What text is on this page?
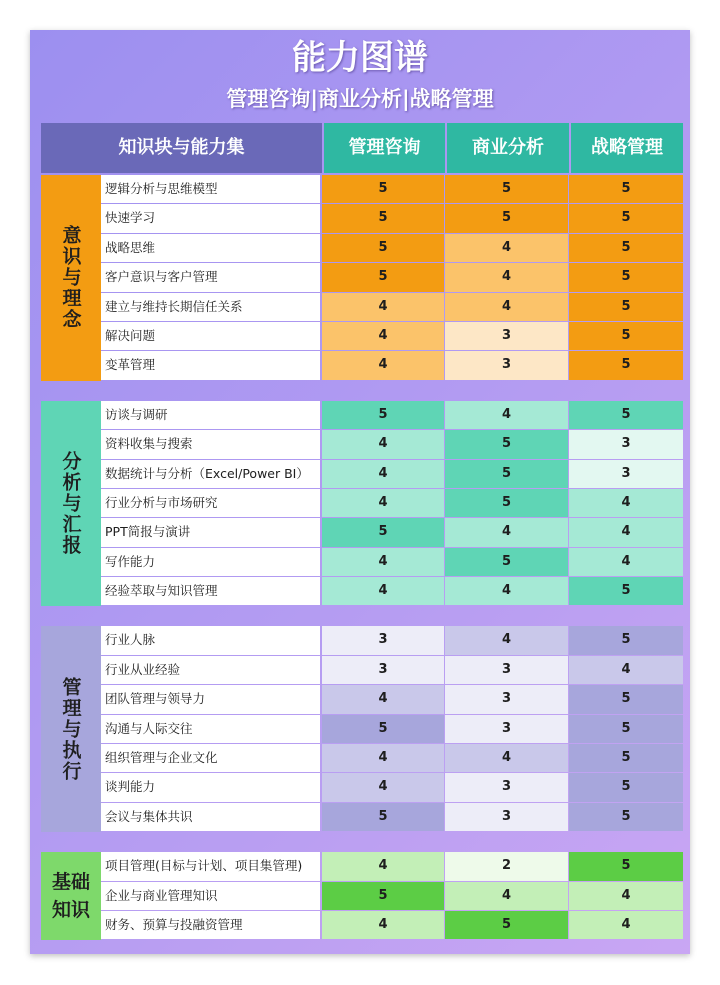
能力图谱
管理咨询|商业分析|战略管理
知识块与能力集	管理咨询	商业分析	战略管理
意识与理念
逻辑分析与思维模型	5	5	5
快速学习	5	5	5
战略思维	5	4	5
客户意识与客户管理	5	4	5
建立与维持长期信任关系	4	4	5
解决问题	4	3	5
变革管理	4	3	5
分析与汇报
访谈与调研	5	4	5
资料收集与搜索	4	5	3
数据统计与分析（Excel/Power BI）	4	5	3
行业分析与市场研究	4	5	4
PPT简报与演讲	5	4	4
写作能力	4	5	4
经验萃取与知识管理	4	4	5
管理与执行
行业人脉	3	4	5
行业从业经验	3	3	4
团队管理与领导力	4	3	5
沟通与人际交往	5	3	5
组织管理与企业文化	4	4	5
谈判能力	4	3	5
会议与集体共识	5	3	5
基础知识
项目管理(目标与计划、项目集管理)	4	2	5
企业与商业管理知识	5	4	4
财务、预算与投融资管理	4	5	4
